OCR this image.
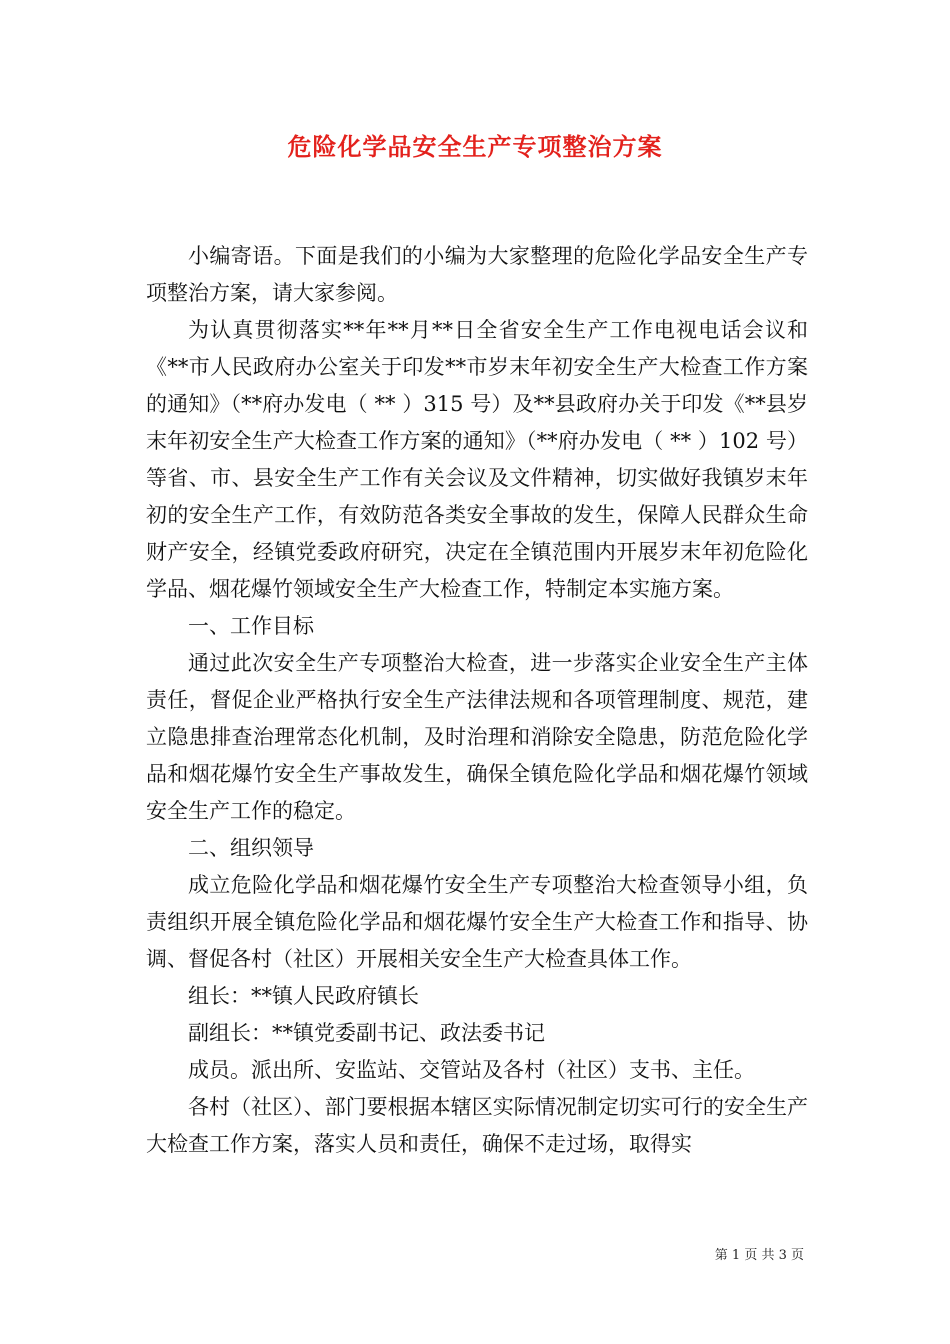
危险化学品安全生产专项整治方案

小编寄语。下面是我们的小编为大家整理的危险化学品安全生产专项整治方案，请大家参阅。

为认真贯彻落实**年**月**日全省安全生产工作电视电话会议和《**市人民政府办公室关于印发**市岁末年初安全生产大检查工作方案的通知》（**府办发电（ ** ）315 号）及**县政府办关于印发《**县岁末年初安全生产大检查工作方案的通知》（**府办发电（ ** ）102 号）等省、市、县安全生产工作有关会议及文件精神，切实做好我镇岁末年初的安全生产工作，有效防范各类安全事故的发生，保障人民群众生命财产安全，经镇党委政府研究，决定在全镇范围内开展岁末年初危险化学品、烟花爆竹领域安全生产大检查工作，特制定本实施方案。

一、工作目标

通过此次安全生产专项整治大检查，进一步落实企业安全生产主体责任，督促企业严格执行安全生产法律法规和各项管理制度、规范，建立隐患排查治理常态化机制，及时治理和消除安全隐患，防范危险化学品和烟花爆竹安全生产事故发生，确保全镇危险化学品和烟花爆竹领域安全生产工作的稳定。

二、组织领导

成立危险化学品和烟花爆竹安全生产专项整治大检查领导小组，负责组织开展全镇危险化学品和烟花爆竹安全生产大检查工作和指导、协调、督促各村（社区）开展相关安全生产大检查具体工作。

组长：**镇人民政府镇长

副组长：**镇党委副书记、政法委书记

成员。派出所、安监站、交管站及各村（社区）支书、主任。

各村（社区）、部门要根据本辖区实际情况制定切实可行的安全生产大检查工作方案，落实人员和责任，确保不走过场，取得实

第 1 页 共 3 页
